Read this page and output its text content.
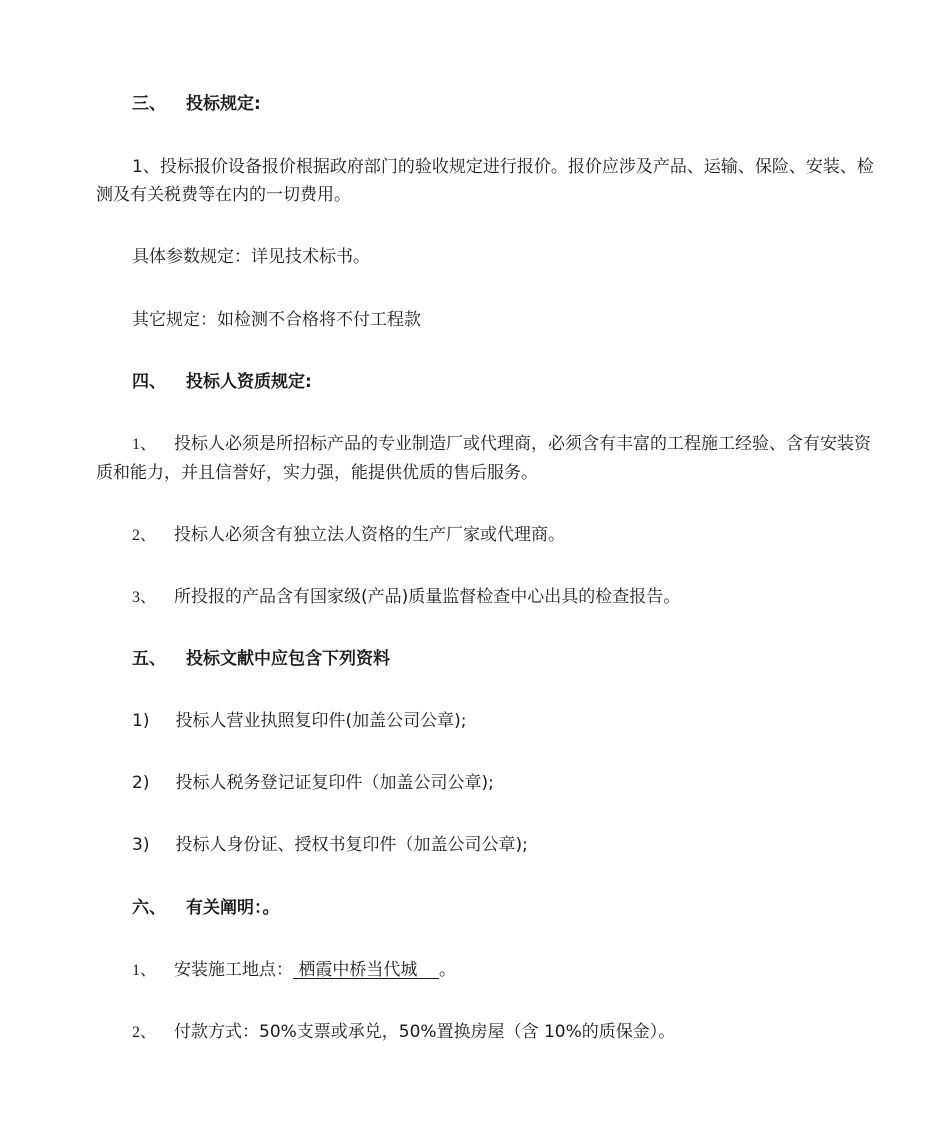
三、 投标规定:
1、投标报价设备报价根据政府部门的验收规定进行报价。报价应涉及产品、运输、保险、安装、检测及有关税费等在内的一切费用。
具体参数规定：详见技术标书。
其它规定：如检测不合格将不付工程款
四、 投标人资质规定:
1、 投标人必须是所招标产品的专业制造厂或代理商，必须含有丰富的工程施工经验、含有安装资质和能力，并且信誉好，实力强，能提供优质的售后服务。
2、 投标人必须含有独立法人资格的生产厂家或代理商。
3、 所投报的产品含有国家级(产品)质量监督检查中心出具的检查报告。
五、 投标文献中应包含下列资料
1) 投标人营业执照复印件(加盖公司公章);
2) 投标人税务登记证复印件（加盖公司公章);
3) 投标人身份证、授权书复印件（加盖公司公章);
六、 有关阐明：。
1、 安装施工地点： 栖霞中桥当代城 。
2、 付款方式：50%支票或承兑，50%置换房屋（含 10%的质保金）。
